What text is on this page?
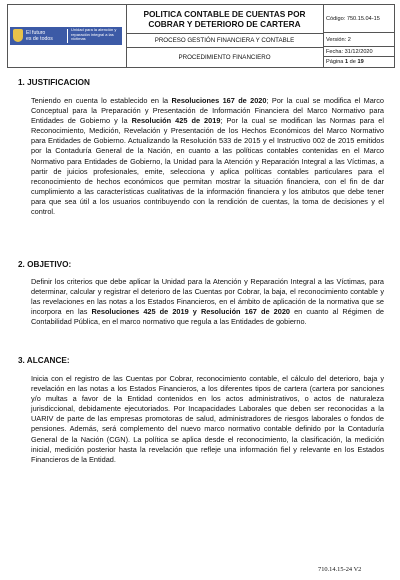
El futuro
es de todos
Unidad para la atención y reparación integral a las víctimas
POLITICA CONTABLE DE CUENTAS POR COBRAR Y DETERIORO DE CARTERA
PROCESO GESTIÓN FINANCIERA Y CONTABLE
PROCEDIMIENTO FINANCIERO
Código: 750.15.04-15
Versión: 2
Fecha: 31/12/2020
Página 1 de 19
1. JUSTIFICACION
Teniendo en cuenta lo establecido en la Resoluciones 167 de 2020; Por la cual se modifica el Marco Conceptual para la Preparación y Presentación de Información Financiera del Marco Normativo para Entidades de Gobierno y la Resolución 425 de 2019; Por la cual se modifican las Normas para el Reconocimiento, Medición, Revelación y Presentación de los Hechos Económicos del Marco Normativo para Entidades de Gobierno. Actualizando la Resolución 533 de 2015 y el Instructivo 002 de 2015 emitidos por la Contaduría General de la Nación, en cuanto a las políticas contables contenidas en el Marco Normativo para Entidades de Gobierno, la Unidad para la Atención y Reparación Integral a las Víctimas, a partir de juicios profesionales, emite, selecciona y aplica políticas contables particulares para el reconocimiento de hechos económicos que permitan mostrar la situación financiera, con el fin de dar cumplimiento a las características cualitativas de la información financiera y los atributos que debe tener para que sea útil a los usuarios contribuyendo con la rendición de cuentas, la toma de decisiones y el control.
2. OBJETIVO:
Definir los criterios que debe aplicar la Unidad para la Atención y Reparación Integral a las Víctimas, para determinar, calcular y registrar el deterioro de las Cuentas por Cobrar, la baja, el reconocimiento contable y las revelaciones en las notas a los Estados Financieros, en el ámbito de aplicación de la normativa que se incorpora en las Resoluciones 425 de 2019 y Resolución 167 de 2020 en cuanto al Régimen de Contabilidad Pública, en el marco normativo que regula a las Entidades de gobierno.
3. ALCANCE:
Inicia con el registro de las Cuentas por Cobrar, reconocimiento contable, el cálculo del deterioro, baja y revelación en las notas a los Estados Financieros, a los diferentes tipos de cartera (cartera por sanciones y/o multas a favor de la Entidad contenidos en los actos administrativos, o actos de naturaleza jurisdiccional, debidamente ejecutoriados. Por Incapacidades Laborales que deben ser reconocidas a la UARIV de parte de las empresas promotoras de salud, administradores de riesgos laborales o fondos de pensiones. Además, será complemento del nuevo marco normativo contable definido por la Contaduría General de la Nación (CGN). La política se aplica desde el reconocimiento, la clasificación, la medición inicial, medición posterior hasta la revelación que refleje una información fiel y relevante en los Estados Financieros de la Entidad.
710.14.15-24 V2
